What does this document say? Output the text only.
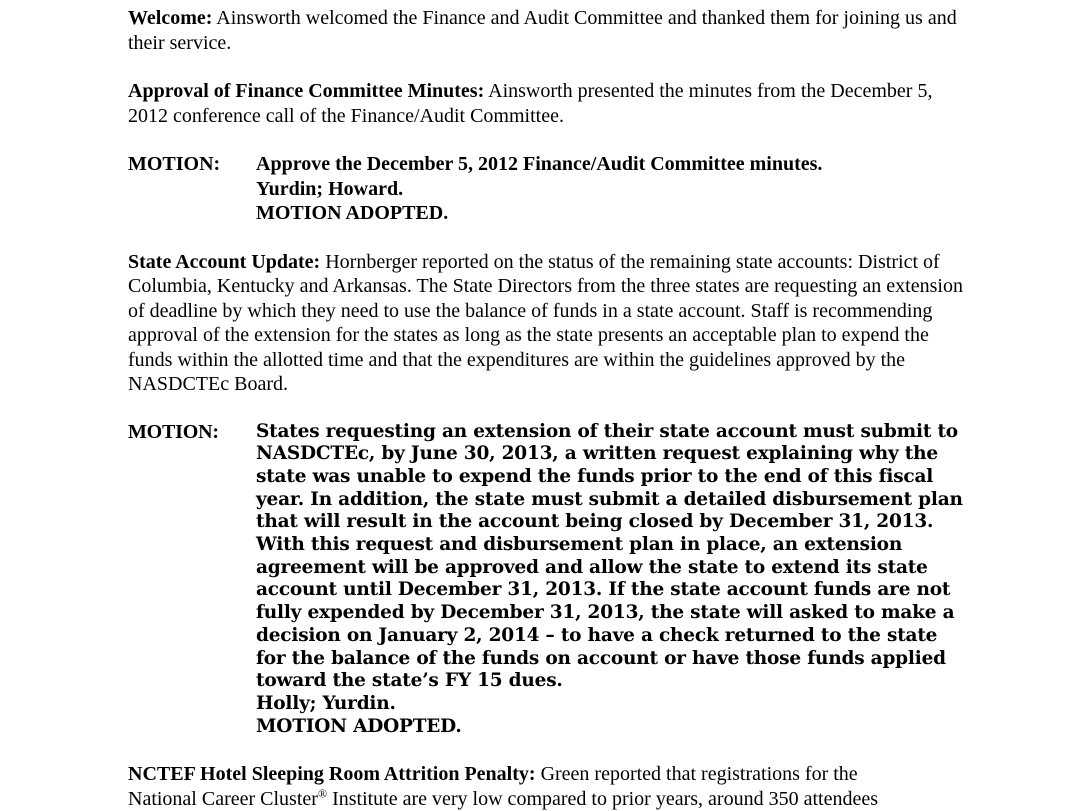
Welcome: Ainsworth welcomed the Finance and Audit Committee and thanked them for joining us and their service.

Approval of Finance Committee Minutes: Ainsworth presented the minutes from the December 5, 2012 conference call of the Finance/Audit Committee.

MOTION:	Approve the December 5, 2012 Finance/Audit Committee minutes.
Yurdin; Howard.
MOTION ADOPTED.

State Account Update: Hornberger reported on the status of the remaining state accounts: District of Columbia, Kentucky and Arkansas. The State Directors from the three states are requesting an extension of deadline by which they need to use the balance of funds in a state account. Staff is recommending approval of the extension for the states as long as the state presents an acceptable plan to expend the funds within the allotted time and that the expenditures are within the guidelines approved by the NASDCTEc Board.

MOTION:	States requesting an extension of their state account must submit to NASDCTEc, by June 30, 2013, a written request explaining why the state was unable to expend the funds prior to the end of this fiscal year. In addition, the state must submit a detailed disbursement plan that will result in the account being closed by December 31, 2013. With this request and disbursement plan in place, an extension agreement will be approved and allow the state to extend its state account until December 31, 2013. If the state account funds are not fully expended by December 31, 2013, the state will asked to make a decision on January 2, 2014 – to have a check returned to the state for the balance of the funds on account or have those funds applied toward the state’s FY 15 dues.
Holly; Yurdin.
MOTION ADOPTED.
NCTEF Hotel Sleeping Room Attrition Penalty: Green reported that registrations for the
National Career Cluster® Institute are very low compared to prior years, around 350 attendees
